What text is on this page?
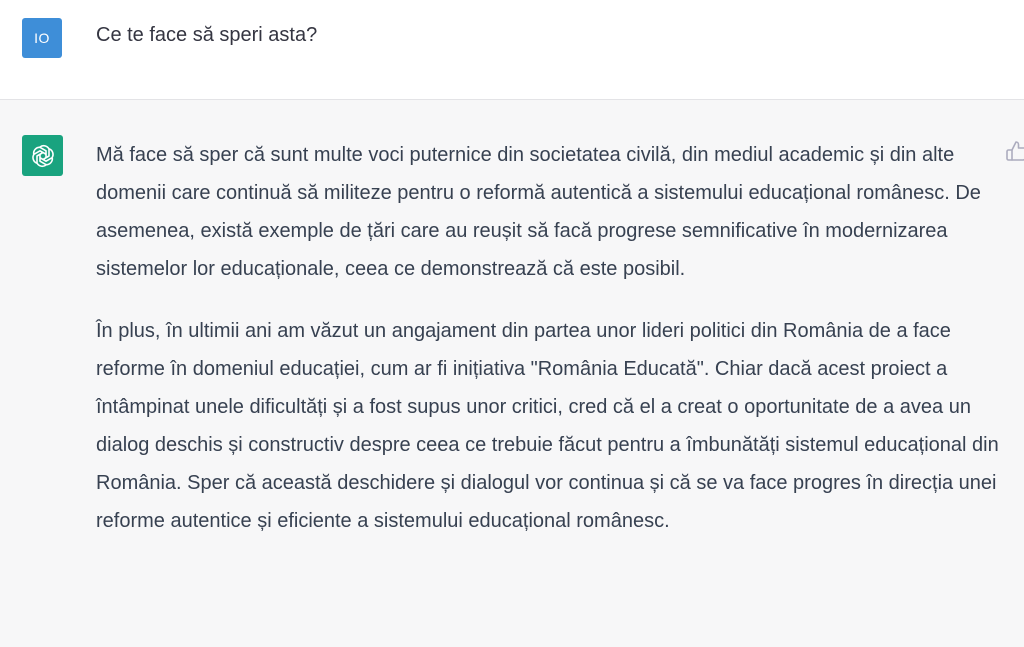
IO Ce te face să speri asta?

Mă face să sper că sunt multe voci puternice din societatea civilă, din mediul academic și din alte domenii care continuă să militeze pentru o reformă autentică a sistemului educațional românesc. De asemenea, există exemple de țări care au reușit să facă progrese semnificative în modernizarea sistemelor lor educaționale, ceea ce demonstrează că este posibil.

În plus, în ultimii ani am văzut un angajament din partea unor lideri politici din România de a face reforme în domeniul educației, cum ar fi inițiativa "România Educată". Chiar dacă acest proiect a întâmpinat unele dificultăți și a fost supus unor critici, cred că el a creat o oportunitate de a avea un dialog deschis și constructiv despre ceea ce trebuie făcut pentru a îmbunătăți sistemul educațional din România. Sper că această deschidere și dialogul vor continua și că se va face progres în direcția unei reforme autentice și eficiente a sistemului educațional românesc.
